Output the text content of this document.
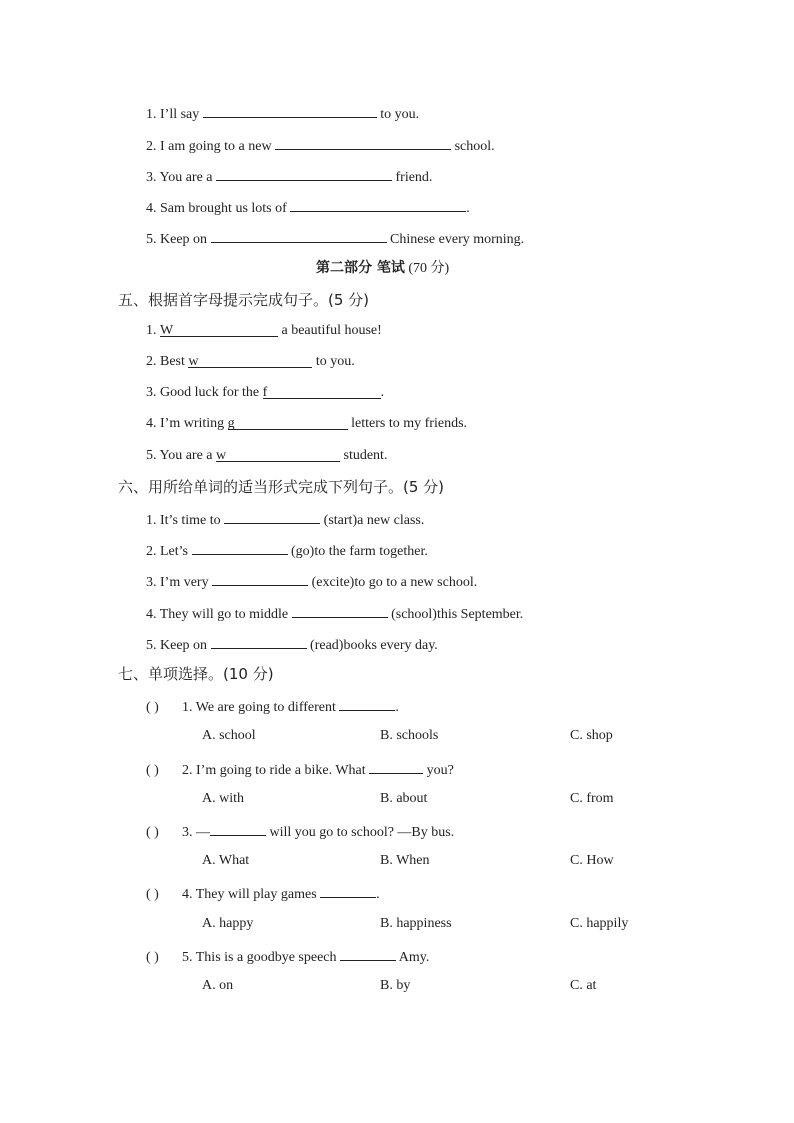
1. I’ll say	to you.
2. I am going to a new	school.
3. You are a	friend.
4. Sam brought us lots of	.
5. Keep on	Chinese every morning.
第二部分 笔试 (70 分)
五、根据首字母提示完成句子。(5 分)
1. W	a beautiful house!
2. Best w	to you.
3. Good luck for the f	.
4. I’m writing g	letters to my friends.
5. You are a w	student.
六、用所给单词的适当形式完成下列句子。(5 分)
1. It’s time to	(start)a new class.
2. Let’s	(go)to the farm together.
3. I’m very	(excite)to go to a new school.
4. They will go to middle	(school)this September.
5. Keep on	(read)books every day.
七、单项选择。(10 分)
( ) 1. We are going to different	.
A. school	B. schools	C. shop
( ) 2. I’m going to ride a bike. What	you?
A. with	B. about	C. from
( ) 3. —	will you go to school? —By bus.
A. What	B. When	C. How
( ) 4. They will play games	.
A. happy	B. happiness	C. happily
( ) 5. This is a goodbye speech	Amy.
A. on	B. by	C. at
